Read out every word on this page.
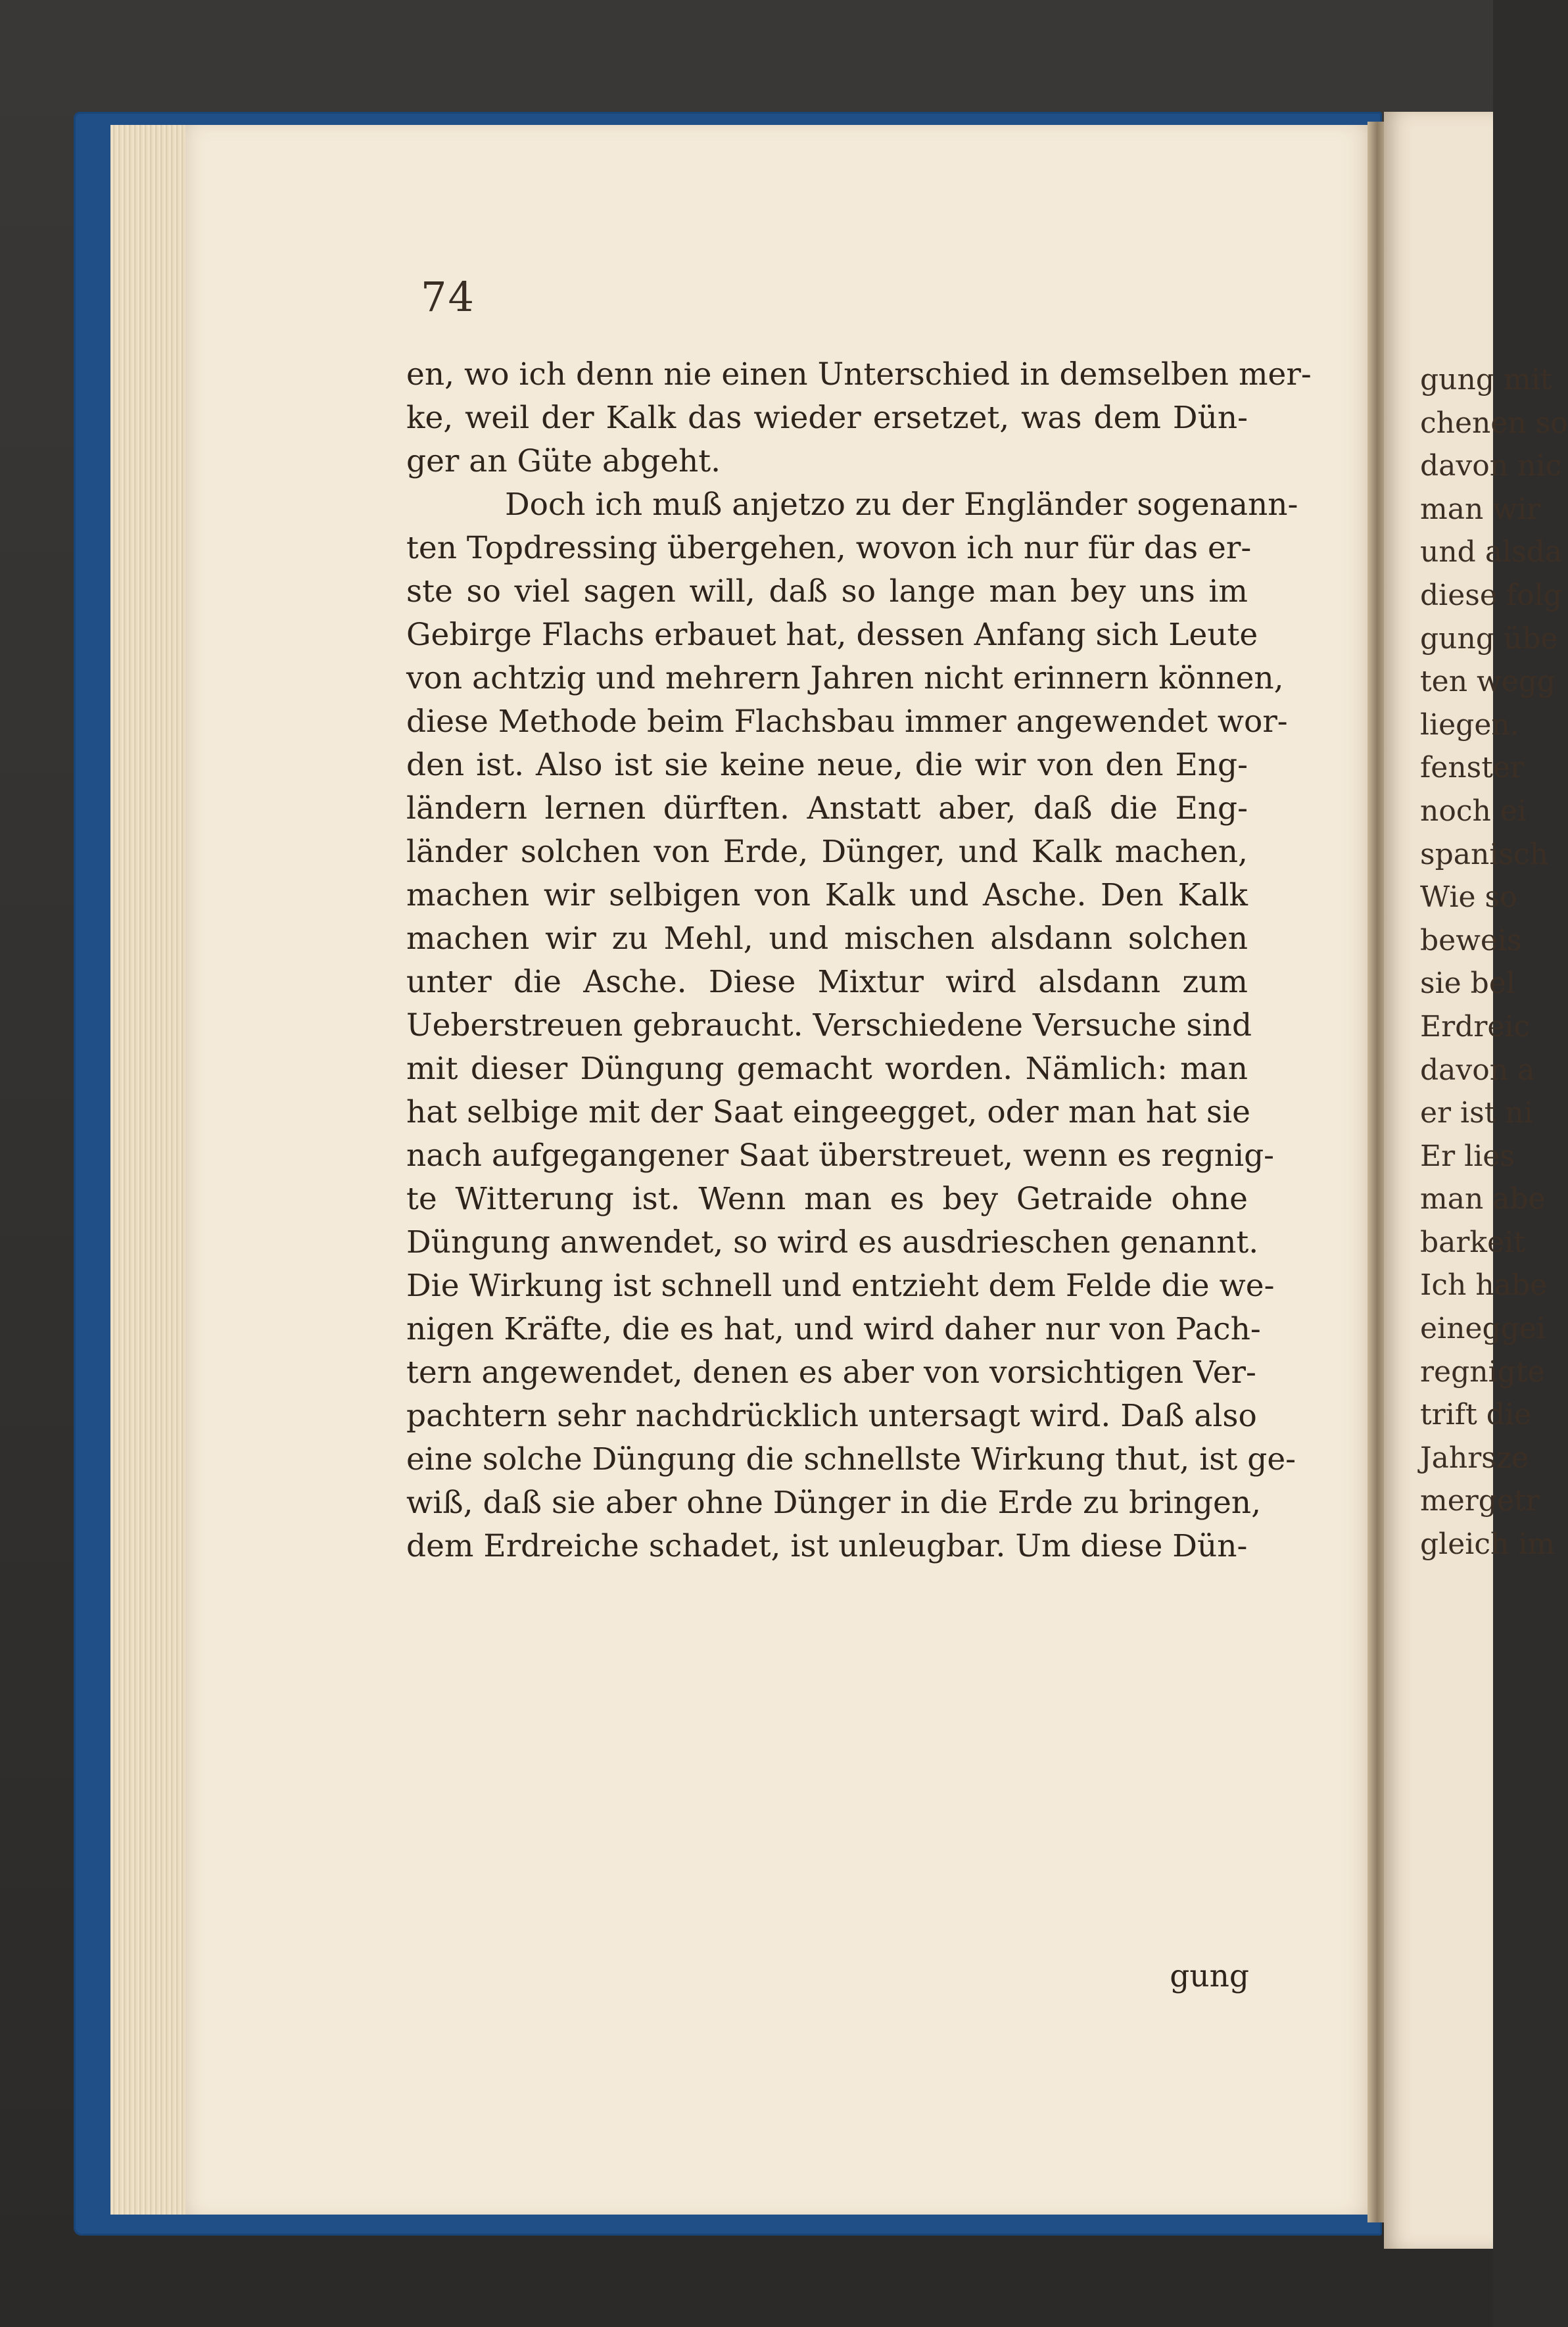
gung mit
chenen so
davon nic
man wir
und alsda
diese folg
gung übe
ten wegg
liegen.
fenster
noch ei
spanisch
Wie so
beweis
sie bel
Erdreic
davon a
er ist ni
Er lies
man abe
barkeit
Ich habe
eineggei
regnigte
trift die
Jahrsze
mergetr
gleich im
74
en, wo ich denn nie einen Unterschied in demselben mer-
ke, weil der Kalk das wieder ersetzet, was dem Dün-
ger an Güte abgeht.
Doch ich muß anjetzo zu der Engländer sogenann-
ten Topdressing übergehen, wovon ich nur für das er-
ste so viel sagen will, daß so lange man bey uns im
Gebirge Flachs erbauet hat, dessen Anfang sich Leute
von achtzig und mehrern Jahren nicht erinnern können,
diese Methode beim Flachsbau immer angewendet wor-
den ist. Also ist sie keine neue, die wir von den Eng-
ländern lernen dürften. Anstatt aber, daß die Eng-
länder solchen von Erde, Dünger, und Kalk machen,
machen wir selbigen von Kalk und Asche. Den Kalk
machen wir zu Mehl, und mischen alsdann solchen
unter die Asche. Diese Mixtur wird alsdann zum
Ueberstreuen gebraucht. Verschiedene Versuche sind
mit dieser Düngung gemacht worden. Nämlich: man
hat selbige mit der Saat eingeegget, oder man hat sie
nach aufgegangener Saat überstreuet, wenn es regnig-
te Witterung ist. Wenn man es bey Getraide ohne
Düngung anwendet, so wird es ausdrieschen genannt.
Die Wirkung ist schnell und entzieht dem Felde die we-
nigen Kräfte, die es hat, und wird daher nur von Pach-
tern angewendet, denen es aber von vorsichtigen Ver-
pachtern sehr nachdrücklich untersagt wird. Daß also
eine solche Düngung die schnellste Wirkung thut, ist ge-
wiß, daß sie aber ohne Dünger in die Erde zu bringen,
dem Erdreiche schadet, ist unleugbar. Um diese Dün-
gung
